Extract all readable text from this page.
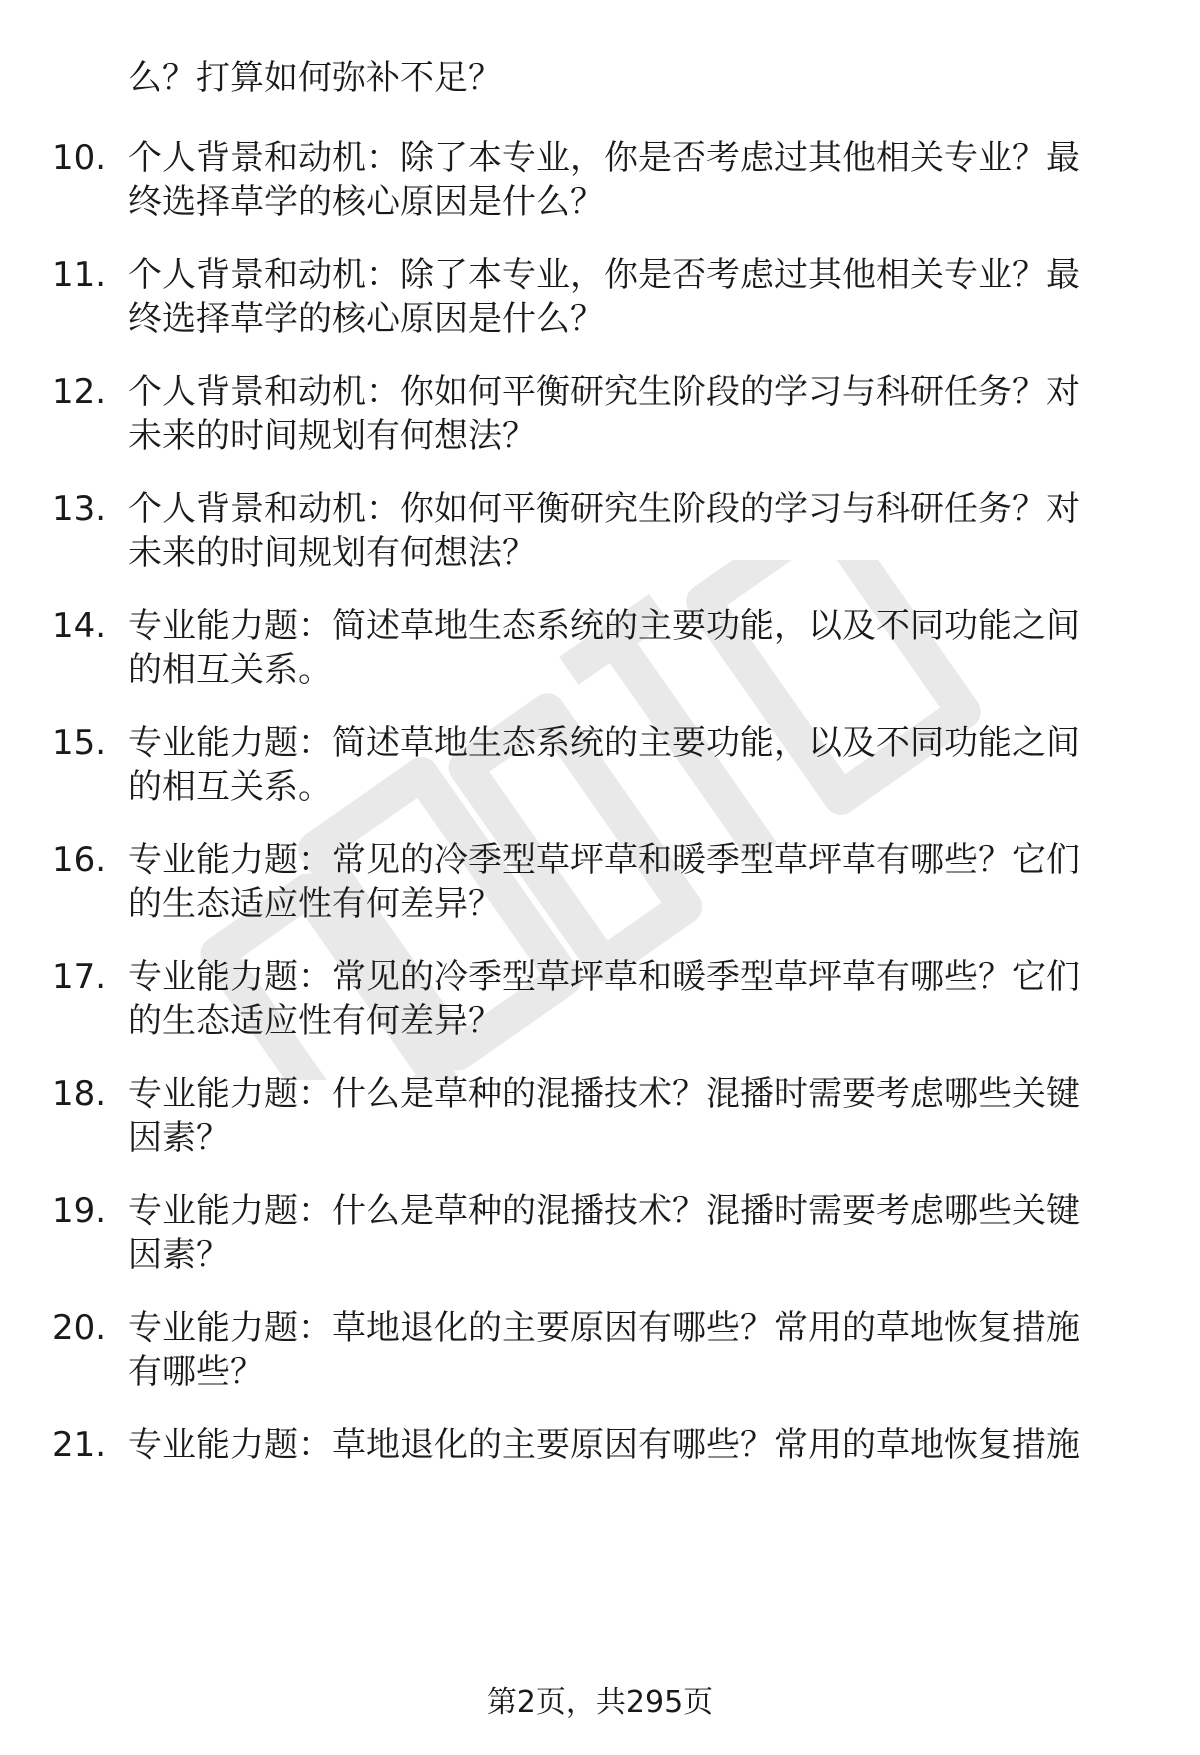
么？打算如何弥补不足？
10. 个人背景和动机：除了本专业，你是否考虑过其他相关专业？最
终选择草学的核心原因是什么？
11. 个人背景和动机：除了本专业，你是否考虑过其他相关专业？最
终选择草学的核心原因是什么？
12. 个人背景和动机：你如何平衡研究生阶段的学习与科研任务？对
未来的时间规划有何想法？
13. 个人背景和动机：你如何平衡研究生阶段的学习与科研任务？对
未来的时间规划有何想法？
14. 专业能力题：简述草地生态系统的主要功能，以及不同功能之间
的相互关系。
15. 专业能力题：简述草地生态系统的主要功能，以及不同功能之间
的相互关系。
16. 专业能力题：常见的冷季型草坪草和暖季型草坪草有哪些？它们
的生态适应性有何差异？
17. 专业能力题：常见的冷季型草坪草和暖季型草坪草有哪些？它们
的生态适应性有何差异？
18. 专业能力题：什么是草种的混播技术？混播时需要考虑哪些关键
因素？
19. 专业能力题：什么是草种的混播技术？混播时需要考虑哪些关键
因素？
20. 专业能力题：草地退化的主要原因有哪些？常用的草地恢复措施
有哪些？
21. 专业能力题：草地退化的主要原因有哪些？常用的草地恢复措施
第2页，共295页
